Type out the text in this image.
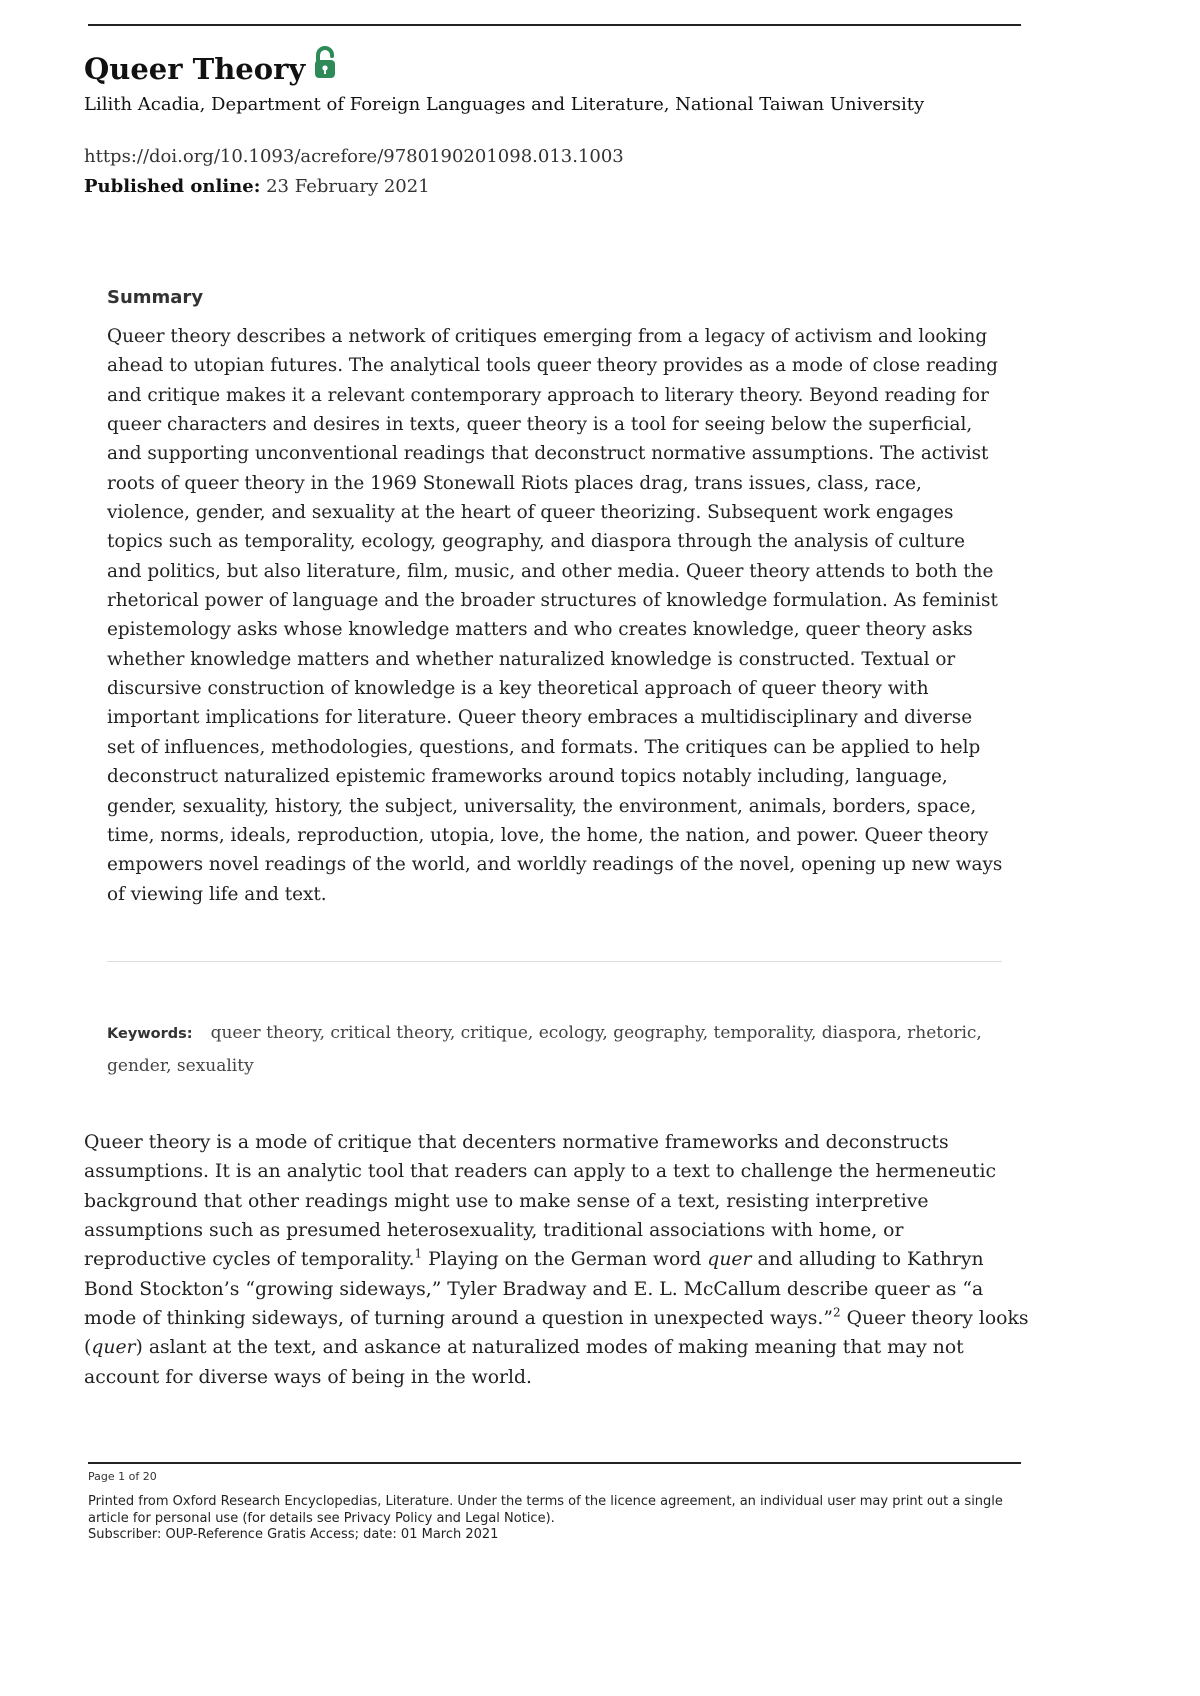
Queer Theory
Lilith Acadia, Department of Foreign Languages and Literature, National Taiwan University
https://doi.org/10.1093/acrefore/9780190201098.013.1003
Published online: 23 February 2021
Summary

Queer theory describes a network of critiques emerging from a legacy of activism and looking ahead to utopian futures. The analytical tools queer theory provides as a mode of close reading and critique makes it a relevant contemporary approach to literary theory. Beyond reading for queer characters and desires in texts, queer theory is a tool for seeing below the superficial, and supporting unconventional readings that deconstruct normative assumptions. The activist roots of queer theory in the 1969 Stonewall Riots places drag, trans issues, class, race, violence, gender, and sexuality at the heart of queer theorizing. Subsequent work engages topics such as temporality, ecology, geography, and diaspora through the analysis of culture and politics, but also literature, film, music, and other media. Queer theory attends to both the rhetorical power of language and the broader structures of knowledge formulation. As feminist epistemology asks whose knowledge matters and who creates knowledge, queer theory asks whether knowledge matters and whether naturalized knowledge is constructed. Textual or discursive construction of knowledge is a key theoretical approach of queer theory with important implications for literature. Queer theory embraces a multidisciplinary and diverse set of influences, methodologies, questions, and formats. The critiques can be applied to help deconstruct naturalized epistemic frameworks around topics notably including, language, gender, sexuality, history, the subject, universality, the environment, animals, borders, space, time, norms, ideals, reproduction, utopia, love, the home, the nation, and power. Queer theory empowers novel readings of the world, and worldly readings of the novel, opening up new ways of viewing life and text.

Keywords: queer theory, critical theory, critique, ecology, geography, temporality, diaspora, rhetoric, gender, sexuality

Queer theory is a mode of critique that decenters normative frameworks and deconstructs assumptions. It is an analytic tool that readers can apply to a text to challenge the hermeneutic background that other readings might use to make sense of a text, resisting interpretive assumptions such as presumed heterosexuality, traditional associations with home, or reproductive cycles of temporality.$^1$ Playing on the German word quer and alluding to Kathryn Bond Stockton’s “growing sideways,” Tyler Bradway and E. L. McCallum describe queer as “a mode of thinking sideways, of turning around a question in unexpected ways.”$^2$ Queer theory looks (quer) aslant at the text, and askance at naturalized modes of making meaning that may not account for diverse ways of being in the world.

Page 1 of 20

Printed from Oxford Research Encyclopedias, Literature. Under the terms of the licence agreement, an individual user may print out a single article for personal use (for details see Privacy Policy and Legal Notice).
Subscriber: OUP-Reference Gratis Access; date: 01 March 2021
